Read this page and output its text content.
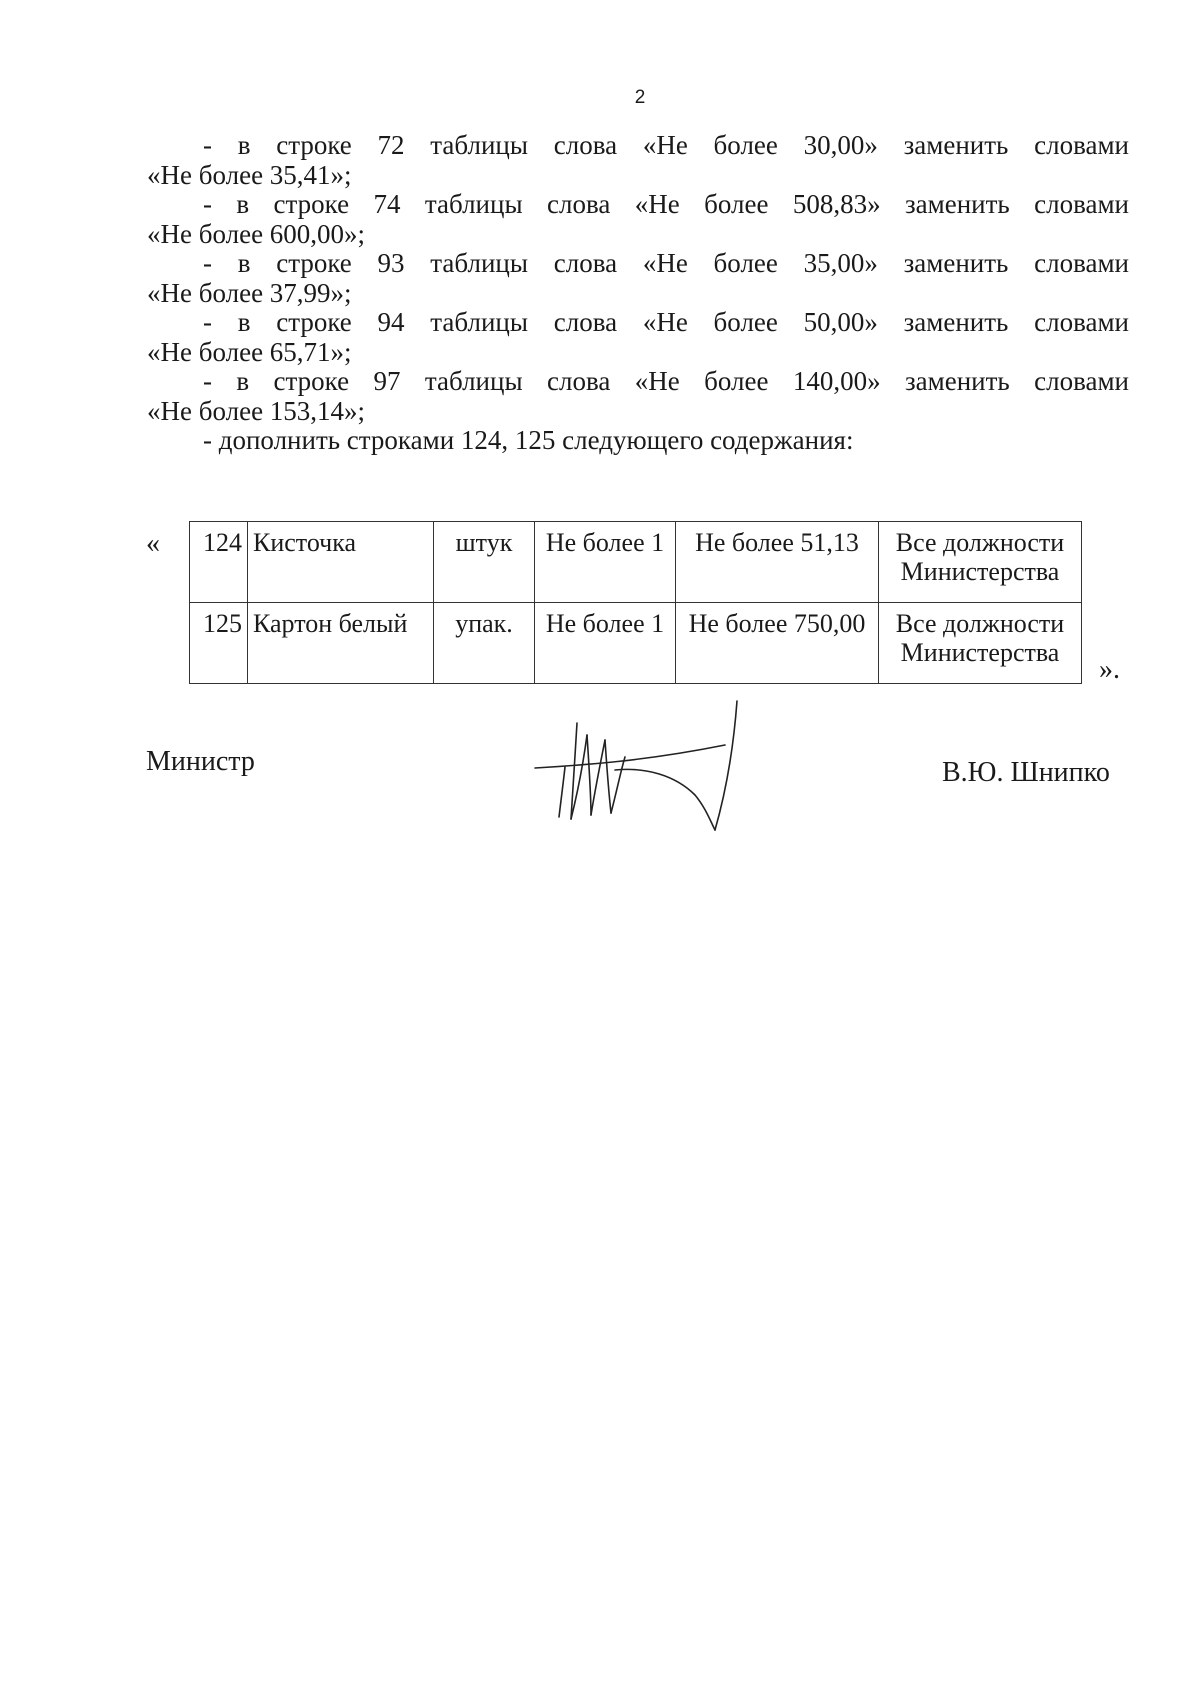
2
- в строке 72 таблицы слова «Не более 30,00» заменить словами
«Не более 35,41»;
- в строке 74 таблицы слова «Не более 508,83» заменить словами
«Не более 600,00»;
- в строке 93 таблицы слова «Не более 35,00» заменить словами
«Не более 37,99»;
- в строке 94 таблицы слова «Не более 50,00» заменить словами
«Не более 65,71»;
- в строке 97 таблицы слова «Не более 140,00» заменить словами
«Не более 153,14»;
- дополнить строками 124, 125 следующего содержания:
« 124	Кисточка	штук	Не более 1	Не более 51,13	Все должности Министерства
125	Картон белый	упак.	Не более 1	Не более 750,00	Все должности Министерства
».
Министр	В.Ю. Шнипко
